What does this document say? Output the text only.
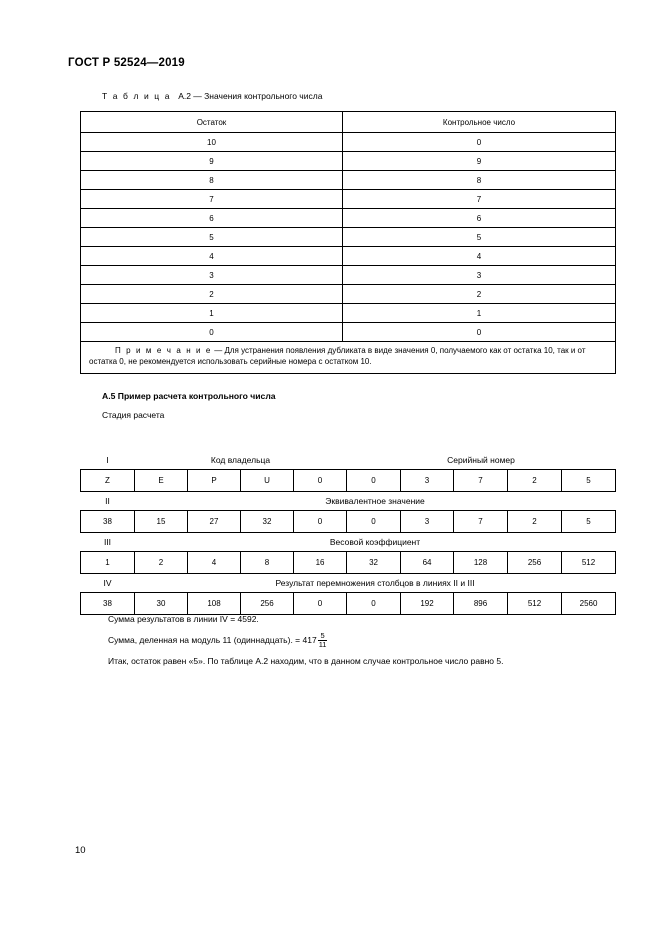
ГОСТ Р 52524—2019
Т а б л и ц а А.2 — Значения контрольного числа
Остаток	Контрольное число
10	0
9	9
8	8
7	7
6	6
5	5
4	4
3	3
2	2
1	1
0	0
П р и м е ч а н и е — Для устранения появления дубликата в виде значения 0, получаемого как от остатка 10, так и от остатка 0, не рекомендуется использовать серийные номера с остатком 10.	
А.5 Пример расчета контрольного числа
Стадия расчета
I	Код владельца				Серийный номер				
Z	E	P	U	0	0	3	7	2	5
II	Эквивалентное значение								
38	15	27	32	0	0	3	7	2	5
III	Весовой коэффициент								
1	2	4	8	16	32	64	128	256	512
IV	Результат перемножения столбцов в линиях II и III								
38	30	108	256	0	0	192	896	512	2560
Сумма результатов в линии IV = 4592.
Сумма, деленная на модуль 11 (одиннадцать). = $417 \frac{5}{11}$
Итак, остаток равен «5». По таблице А.2 находим, что в данном случае контрольное число равно 5.
10
